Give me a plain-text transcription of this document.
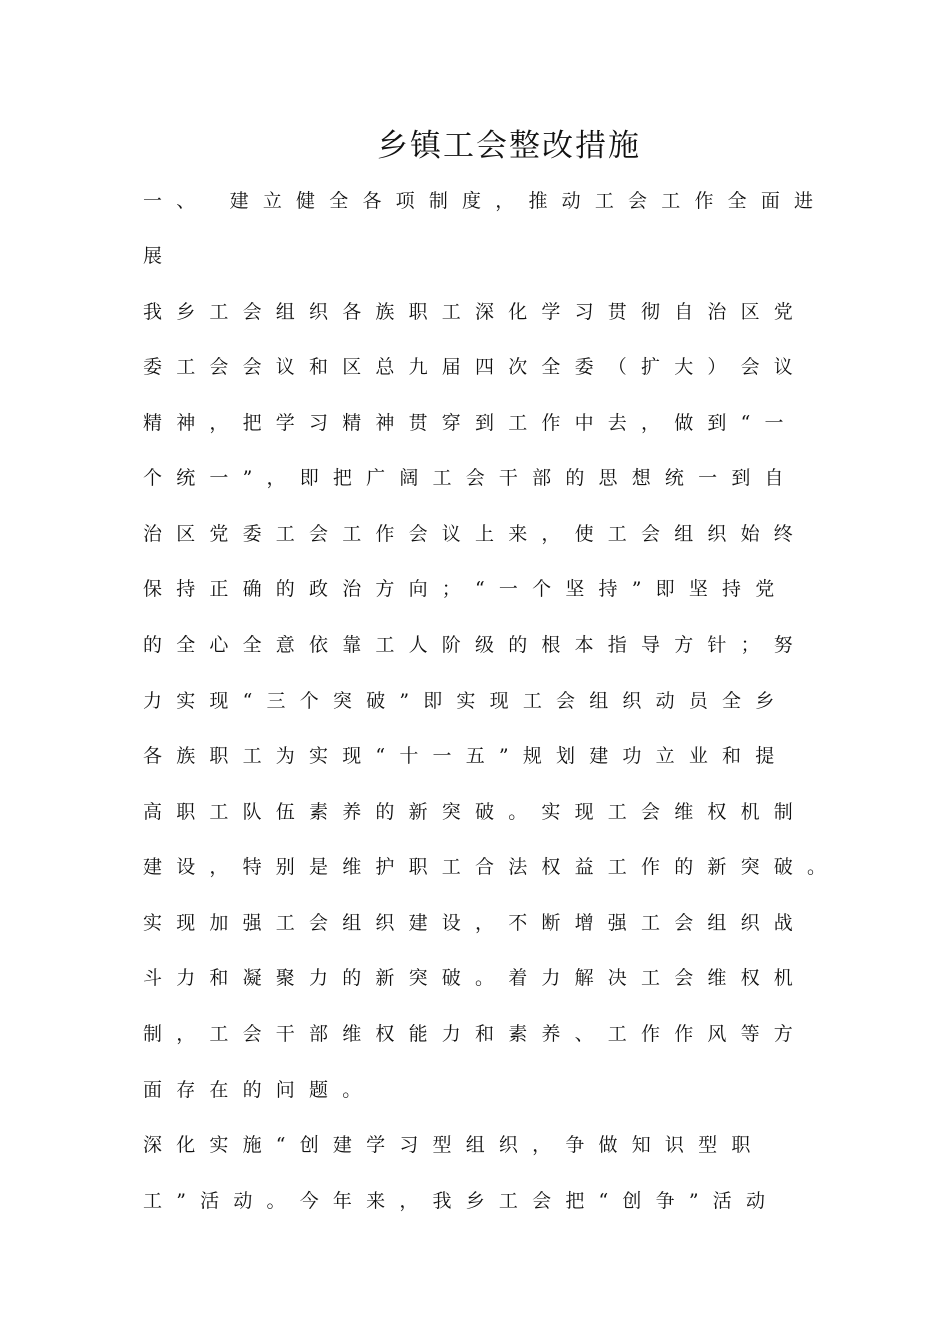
乡镇工会整改措施
一、 建立健全各项制度，推动工会工作全面进
展
我乡工会组织各族职工深化学习贯彻自治区党
委工会会议和区总九届四次全委（扩大）会议
精神，把学习精神贯穿到工作中去，做到“一
个统一”，即把广阔工会干部的思想统一到自
治区党委工会工作会议上来，使工会组织始终
保持正确的政治方向；“一个坚持”即坚持党
的全心全意依靠工人阶级的根本指导方针；努
力实现“三个突破”即实现工会组织动员全乡
各族职工为实现“十一五”规划建功立业和提
高职工队伍素养的新突破。实现工会维权机制
建设，特别是维护职工合法权益工作的新突破。
实现加强工会组织建设，不断增强工会组织战
斗力和凝聚力的新突破。着力解决工会维权机
制，工会干部维权能力和素养、工作作风等方
面存在的问题。
深化实施“创建学习型组织，争做知识型职
工”活动。今年来，我乡工会把“创争”活动
